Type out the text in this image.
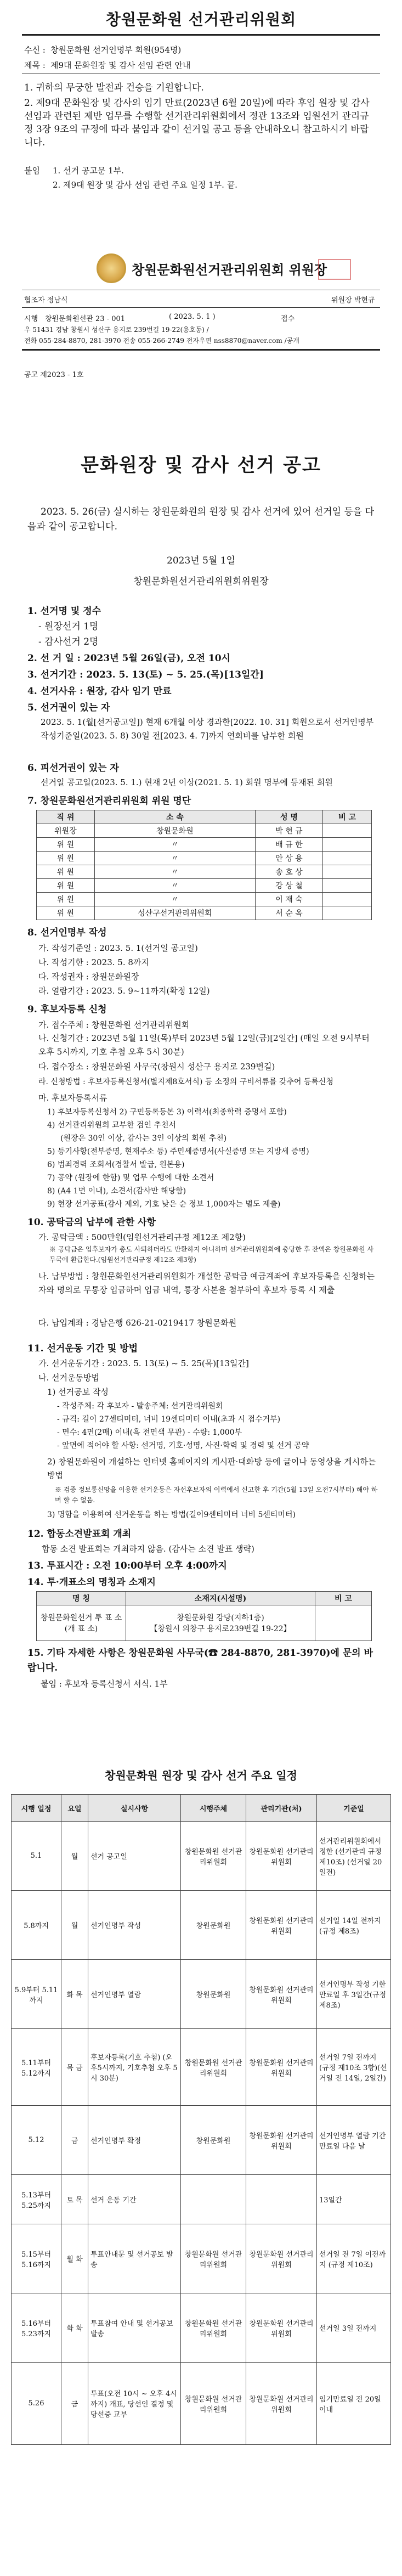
창원문화원 선거관리위원회
수신 : 창원문화원 선거인명부 회원(954명)
제목 : 제9대 문화원장 및 감사 선임 관련 안내
1. 귀하의 무궁한 발전과 건승을 기원합니다.
2. 제9대 문화원장 및 감사의 임기 만료(2023년 6월 20일)에 따라 후임 원장 및 감사 선임과 관련된 제반 업무를 수행할 선거관리위원회에서 정관 13조와 임원선거 관리규정 3장 9조의 규정에 따라 붙임과 같이 선거일 공고 등을 안내하오니 참고하시기 바랍니다.
붙임 1. 선거 공고문 1부.
2. 제9대 원장 및 감사 선임 관련 주요 일정 1부. 끝.
창원문화원선거관리위원회 위원장
협조자 정남식	위원장 박현규
시행 창원문화원선관 23 - 001	( 2023. 5. 1 )	접수
우 51431 경남 창원시 성산구 용지로 239번길 19-22(용호동) /
전화 055-284-8870, 281-3970 전송 055-266-2749 전자우편 nss8870@naver.com /공개
공고 제2023 - 1호
문화원장 및 감사 선거 공고
2023. 5. 26(금) 실시하는 창원문화원의 원장 및 감사 선거에 있어 선거일 등을 다음과 같이 공고합니다.
2023년 5월 1일
창원문화원선거관리위원회위원장
1. 선거명 및 정수
- 원장선거 1명
- 감사선거 2명
2. 선 거 일 : 2023년 5월 26일(금), 오전 10시
3. 선거기간 : 2023. 5. 13(토) ~ 5. 25.(목)[13일간]
4. 선거사유 : 원장, 감사 임기 만료
5. 선거권이 있는 자
2023. 5. 1(월[선거공고일]) 현재 6개월 이상 경과한[2022. 10. 31] 회원으로서 선거인명부 작성기준일(2023. 5. 8) 30일 전[2023. 4. 7]까지 연회비를 납부한 회원
6. 피선거권이 있는 자
선거일 공고일(2023. 5. 1.) 현재 2년 이상(2021. 5. 1) 회원 명부에 등재된 회원
7. 창원문화원선거관리위원회 위원 명단
직 위	소 속	성 명	비 고
위원장	창원문화원	박 현 규	
위 원	〃	배 규 한	
위 원	〃	안 상 용	
위 원	〃	송 호 상	
위 원	〃	강 상 철	
위 원	〃	이 재 숙	
위 원	성산구선거관리위원회	서 순 옥	
8. 선거인명부 작성
가. 작성기준일 : 2023. 5. 1(선거일 공고일)
나. 작성기한 : 2023. 5. 8까지
다. 작성권자 : 창원문화원장
라. 열람기간 : 2023. 5. 9~11까지(확정 12일)
9. 후보자등록 신청
가. 접수주체 : 창원문화원 선거관리위원회
나. 신청기간 : 2023년 5월 11일(목)부터 2023년 5월 12일(금)[2일간] (매일 오전 9시부터 오후 5시까지, 기호 추첨 오후 5시 30분)
다. 접수장소 : 창원문화원 사무국(창원시 성산구 용지로 239번길)
라. 신청방법 : 후보자등록신청서(별지제8호서식) 등 소정의 구비서류를 갖추어 등록신청
마. 후보자등록서류
1) 후보자등록신청서 2) 구민등록등본 3) 이력서(최종학력 증명서 포함)
4) 선거관리위원회 교부한 검인 추천서
(원장은 30인 이상, 감사는 3인 이상의 회원 추천)
5) 등기사항(전부증명, 현재주소 등) 주민세증명서(사실증명 또는 지방세 증명)
6) 범죄경력 조회서(경찰서 발급, 원본용)
7) 공약 (원장에 한함) 및 업무 수행에 대한 소견서
8) (A4 1면 이내), 소견서(감사만 해당함)
9) 현장 선거공표(감사 제외, 기호 낮은 순 정보 1,000자는 별도 제출)
10. 공탁금의 납부에 관한 사항
가. 공탁금액 : 500만원(임원선거관리규정 제12조 제2항)
※ 공탁금은 입후보자가 총도 사퇴하더라도 반환하지 아니하며 선거관리위원회에 충당한 후 잔액은 창원문화원 사무국에 환급한다.(임원선거관리규정 제12조 제3항)
나. 납부방법 : 창원문화원선거관리위원회가 개설한 공탁금 예금계좌에 후보자등록을 신청하는 자와 명의로 무통장 입금하며 입금 내역, 통장 사본을 첨부하여 후보자 등록 시 제출
다. 납입계좌 : 경남은행 626-21-0219417 창원문화원
11. 선거운동 기간 및 방법
가. 선거운동기간 : 2023. 5. 13(토) ~ 5. 25(목)[13일간]
나. 선거운동방법
1) 선거공보 작성
- 작성주체: 각 후보자 - 발송주체: 선거관리위원회
- 규격: 길이 27센티미터, 너비 19센티미터 이내(초과 시 접수거부)
- 면수: 4면(2매) 이내(흑 전면색 무관) - 수량: 1,000부
- 앞면에 적어야 할 사항: 선거명, 기호·성명, 사진·학력 및 경력 및 선거 공약
2) 창원문화원이 개설하는 인터넷 홈페이지의 게시판·대화방 등에 글이나 동영상을 게시하는 방법
※ 검증 정보통신망을 이용한 선거운동은 자선후보자의 이력에서 신고한 후 기간(5월 13일 오전7시부터) 해야 하며 할 수 없음.
3) 명함을 이용하여 선거운동을 하는 방법(길이9센티미터 너비 5센티미터)
12. 합동소견발표회 개최
합동 소견 발표회는 개최하지 않음. (감사는 소견 발표 생략)
13. 투표시간 : 오전 10:00부터 오후 4:00까지
14. 투·개표소의 명칭과 소재지
명 칭	소재지(시설명)	비 고
창원문화원선거 투 표 소 (개 표 소)	창원문화원 강당(지하1층)
【창원시 의창구 용지로239번길 19-22】	

15. 기타 자세한 사항은 창원문화원 사무국(☎ 284-8870, 281-3970)에 문의 바랍니다.
붙임 : 후보자 등록신청서 서식. 1부
창원문화원 원장 및 감사 선거 주요 일정
시행 일정	요일	실시사항	시행주체	관리기관(처)	기준일
5.1	월	선거 공고일	창원문화원 선거관리위원회	창원문화원 선거관리위원회	선거관리위원회에서 정한 (선거관리 규정 제10조) (선거일 20일전)
5.8까지	월	선거인명부 작성	창원문화원	창원문화원 선거관리위원회	선거일 14일 전까지 (규정 제8조)
5.9부터 5.11까지	화 목	선거인명부 열람	창원문화원	창원문화원 선거관리위원회	선거인명부 작성 기한 만료일 후 3일간(규정 제8조)
5.11부터 5.12까지	목 금	후보자등록(기호 추첨) (오후5시까지, 기호추첨 오후 5시 30분)	창원문화원 선거관리위원회	창원문화원 선거관리위원회	선거일 7일 전까지 (규정 제10조 3항)(선거일 전 14일, 2일간)
5.12	금	선거인명부 확정	창원문화원	창원문화원 선거관리위원회	선거인명부 열람 기간 만료일 다음 날
5.13부터 5.25까지	토 목	선거 운동 기간			13일간
5.15부터 5.16까지	월 화	투표안내문 및 선거공보 발송	창원문화원 선거관리위원회	창원문화원 선거관리위원회	선거일 전 7일 이전까지 (규정 제10조)
5.16부터 5.23까지	화 화	투표참여 안내 및 선거공보 발송	창원문화원 선거관리위원회	창원문화원 선거관리위원회	선거일 3일 전까지
5.26	금	투표(오전 10시 ~ 오후 4시까지) 개표, 당선인 결정 및 당선증 교부	창원문화원 선거관리위원회	창원문화원 선거관리위원회	임기만료일 전 20일 이내
